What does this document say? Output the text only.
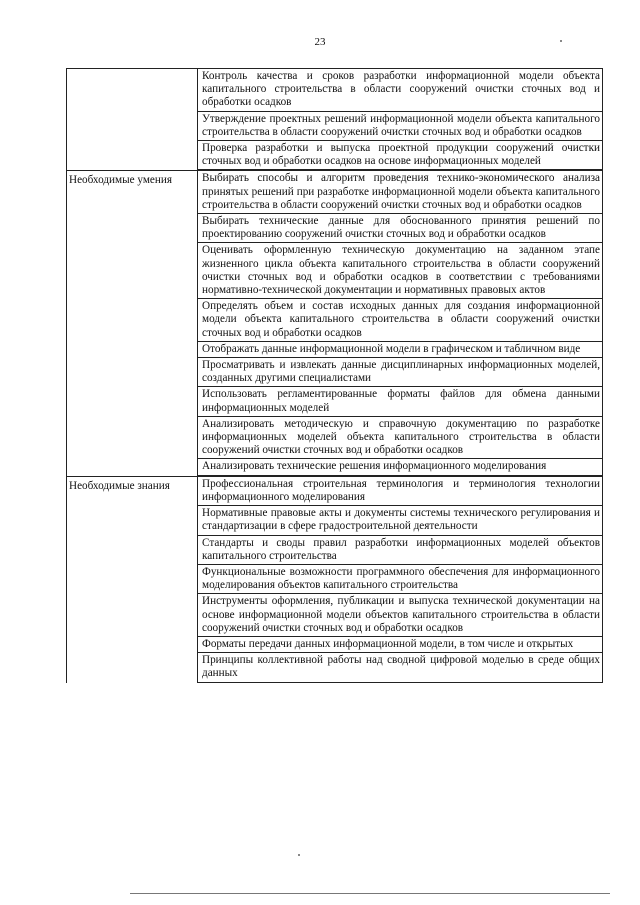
23
Контроль качества и сроков разработки информационной модели объекта капитального строительства в области сооружений очистки сточных вод и обработки осадков
Утверждение проектных решений информационной модели объекта капитального строительства в области сооружений очистки сточных вод и обработки осадков
Проверка разработки и выпуска проектной продукции сооружений очистки сточных вод и обработки осадков на основе информационных моделей
Необходимые умения	Выбирать способы и алгоритм проведения технико-экономического анализа принятых решений при разработке информационной модели объекта капитального строительства в области сооружений очистки сточных вод и обработки осадков
Выбирать технические данные для обоснованного принятия решений по проектированию сооружений очистки сточных вод и обработки осадков
Оценивать оформленную техническую документацию на заданном этапе жизненного цикла объекта капитального строительства в области сооружений очистки сточных вод и обработки осадков в соответствии с требованиями нормативно-технической документации и нормативных правовых актов
Определять объем и состав исходных данных для создания информационной модели объекта капитального строительства в области сооружений очистки сточных вод и обработки осадков
Отображать данные информационной модели в графическом и табличном виде
Просматривать и извлекать данные дисциплинарных информационных моделей, созданных другими специалистами
Использовать регламентированные форматы файлов для обмена данными информационных моделей
Анализировать методическую и справочную документацию по разработке информационных моделей объекта капитального строительства в области сооружений очистки сточных вод и обработки осадков
Анализировать технические решения информационного моделирования
Необходимые знания	Профессиональная строительная терминология и терминология технологии информационного моделирования
Нормативные правовые акты и документы системы технического регулирования и стандартизации в сфере градостроительной деятельности
Стандарты и своды правил разработки информационных моделей объектов капитального строительства
Функциональные возможности программного обеспечения для информационного моделирования объектов капитального строительства
Инструменты оформления, публикации и выпуска технической документации на основе информационной модели объектов капитального строительства в области сооружений очистки сточных вод и обработки осадков
Форматы передачи данных информационной модели, в том числе и открытых
Принципы коллективной работы над сводной цифровой моделью в среде общих данных
